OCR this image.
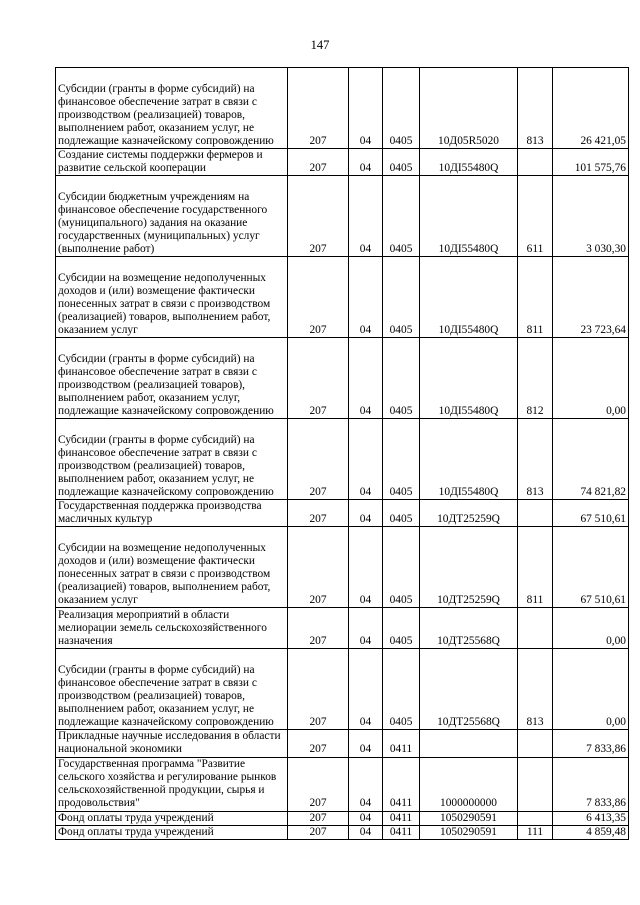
147
Субсидии (гранты в форме субсидий) на финансовое обеспечение затрат в связи с производством (реализацией) товаров, выполнением работ, оказанием услуг, не подлежащие казначейскому сопровождению	207	04	0405	10Д05R5020	813	26 421,05
Создание системы поддержки фермеров и развитие сельской кооперации	207	04	0405	10ДI55480Q		101 575,76
Субсидии бюджетным учреждениям на финансовое обеспечение государственного (муниципального) задания на оказание государственных (муниципальных) услуг (выполнение работ)	207	04	0405	10ДI55480Q	611	3 030,30
Субсидии на возмещение недополученных доходов и (или) возмещение фактически понесенных затрат в связи с производством (реализацией) товаров, выполнением работ, оказанием услуг	207	04	0405	10ДI55480Q	811	23 723,64
Субсидии (гранты в форме субсидий) на финансовое обеспечение затрат в связи с производством (реализацией товаров), выполнением работ, оказанием услуг, подлежащие казначейскому сопровождению	207	04	0405	10ДI55480Q	812	0,00
Субсидии (гранты в форме субсидий) на финансовое обеспечение затрат в связи с производством (реализацией) товаров, выполнением работ, оказанием услуг, не подлежащие казначейскому сопровождению	207	04	0405	10ДI55480Q	813	74 821,82
Государственная поддержка производства масличных культур	207	04	0405	10ДТ25259Q		67 510,61
Субсидии на возмещение недополученных доходов и (или) возмещение фактически понесенных затрат в связи с производством (реализацией) товаров, выполнением работ, оказанием услуг	207	04	0405	10ДТ25259Q	811	67 510,61
Реализация мероприятий в области мелиорации земель сельскохозяйственного назначения	207	04	0405	10ДТ25568Q		0,00
Субсидии (гранты в форме субсидий) на финансовое обеспечение затрат в связи с производством (реализацией) товаров, выполнением работ, оказанием услуг, не подлежащие казначейскому сопровождению	207	04	0405	10ДТ25568Q	813	0,00
Прикладные научные исследования в области национальной экономики	207	04	0411			7 833,86
Государственная программа "Развитие сельского хозяйства и регулирование рынков сельскохозяйственной продукции, сырья и продовольствия"	207	04	0411	1000000000		7 833,86
Фонд оплаты труда учреждений	207	04	0411	1050290591		6 413,35
Фонд оплаты труда учреждений	207	04	0411	1050290591	111	4 859,48
